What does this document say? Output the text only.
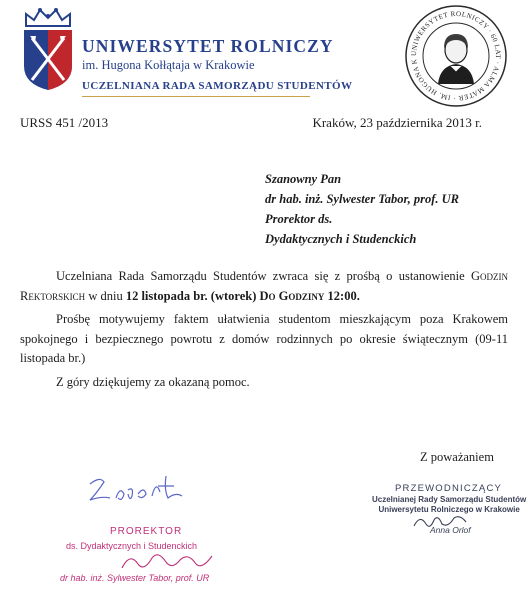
UNIWERSYTET ROLNICZY
im. Hugona Kołłątaja w Krakowie
UCZELNIANA RADA SAMORZĄDU STUDENTÓW
UNIWERSYTET ROLNICZY · 60 LAT · ALMA MATER · IM. HUGONA KOŁŁĄTAJA ·
URSS 451 /2013	Kraków, 23 października 2013 r.
Szanowny Pan
dr hab. inż. Sylwester Tabor, prof. UR
Prorektor ds.
Dydaktycznych i Studenckich

Uczelniana Rada Samorządu Studentów zwraca się z prośbą o ustanowienie Godzin Rektorskich w dniu 12 listopada br. (wtorek) Do Godziny 12:00.

Prośbę motywujemy faktem ułatwienia studentom mieszkającym poza Krakowem spokojnego i bezpiecznego powrotu z domów rodzinnych po okresie świątecznym (09-11 listopada br.)

Z góry dziękujemy za okazaną pomoc.

Z poważaniem
PRZEWODNICZĄCY
Uczelnianej Rady Samorządu Studentów
Uniwersytetu Rolniczego w Krakowie
Anna Orlof
PROREKTOR
ds. Dydaktycznych i Studenckich
dr hab. inż. Sylwester Tabor, prof. UR
